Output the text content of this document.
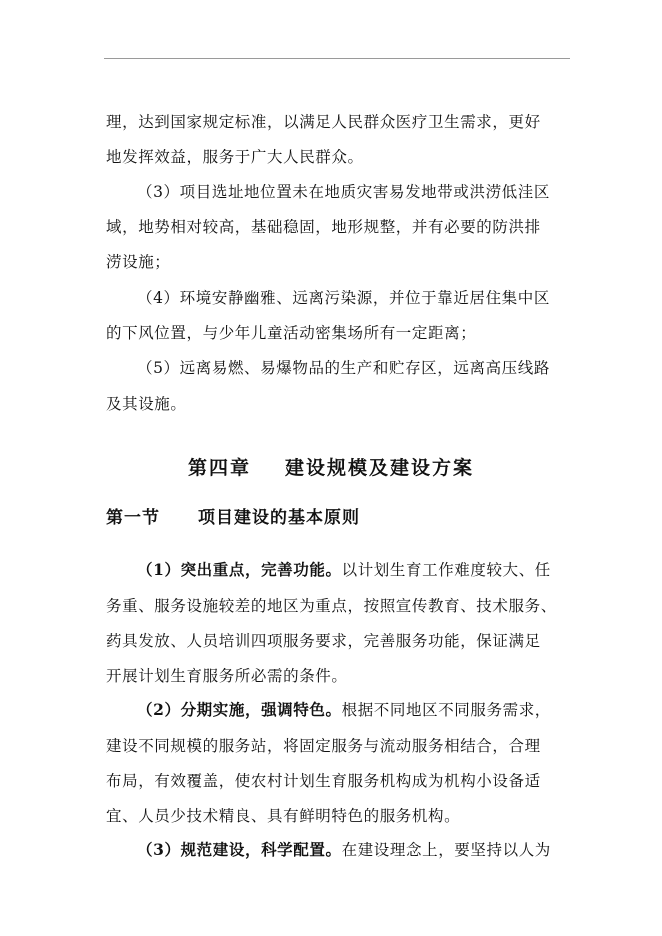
理，达到国家规定标准，以满足人民群众医疗卫生需求，更好
地发挥效益，服务于广大人民群众。
（3）项目选址地位置未在地质灾害易发地带或洪涝低洼区
域，地势相对较高，基础稳固，地形规整，并有必要的防洪排
涝设施；
（4）环境安静幽雅、远离污染源，并位于靠近居住集中区
的下风位置，与少年儿童活动密集场所有一定距离；
（5）远离易燃、易爆物品的生产和贮存区，远离高压线路
及其设施。
第四章 建设规模及建设方案
第一节 项目建设的基本原则
（1）突出重点，完善功能。以计划生育工作难度较大、任
务重、服务设施较差的地区为重点，按照宣传教育、技术服务、
药具发放、人员培训四项服务要求，完善服务功能，保证满足
开展计划生育服务所必需的条件。
（2）分期实施，强调特色。根据不同地区不同服务需求，
建设不同规模的服务站，将固定服务与流动服务相结合，合理
布局，有效覆盖，使农村计划生育服务机构成为机构小设备适
宜、人员少技术精良、具有鲜明特色的服务机构。
（3）规范建设，科学配置。在建设理念上，要坚持以人为
